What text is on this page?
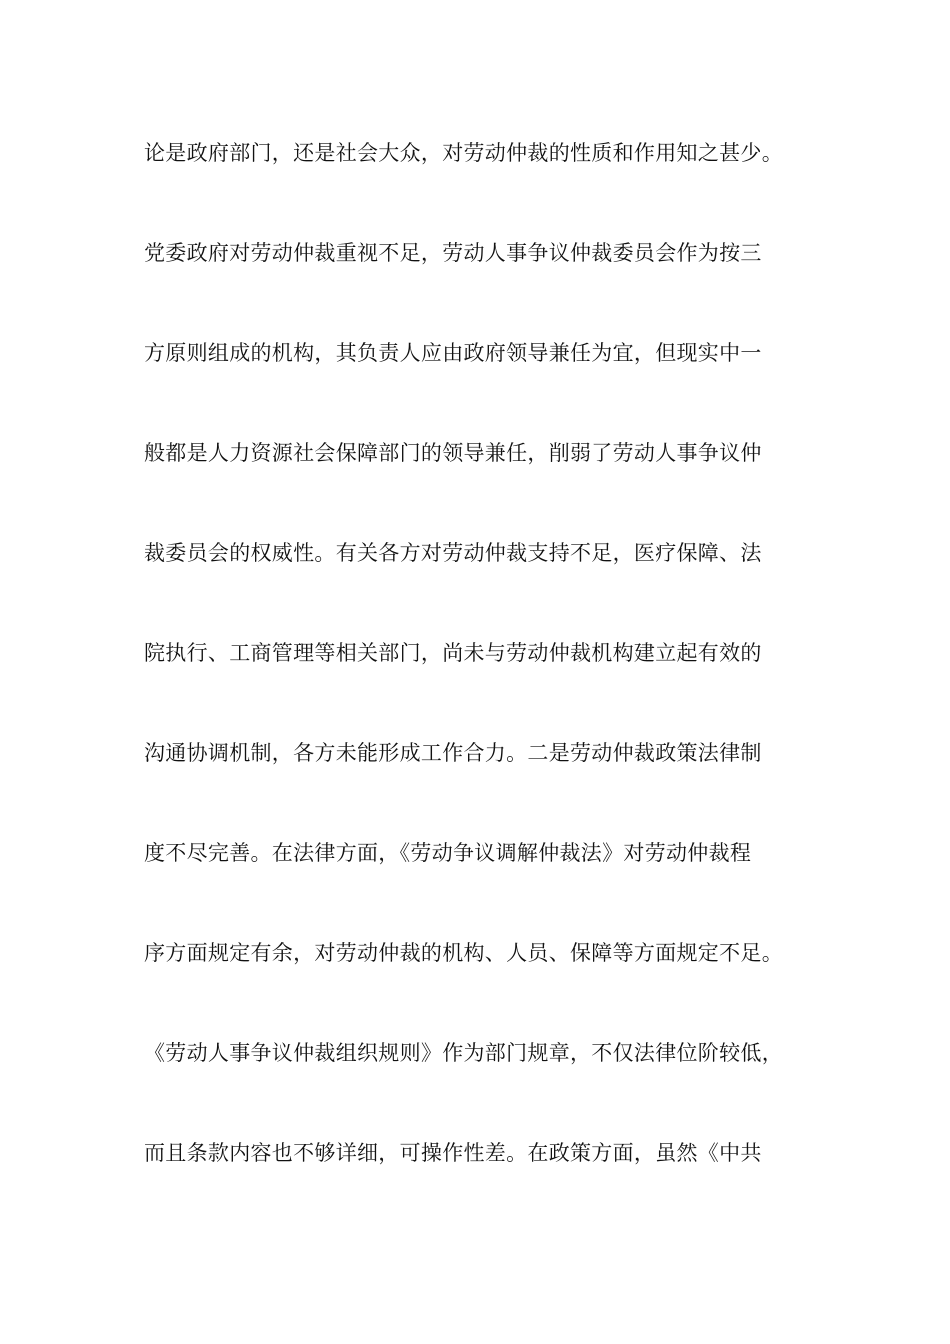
论是政府部门，还是社会大众，对劳动仲裁的性质和作用知之甚少。
党委政府对劳动仲裁重视不足，劳动人事争议仲裁委员会作为按三
方原则组成的机构，其负责人应由政府领导兼任为宜，但现实中一
般都是人力资源社会保障部门的领导兼任，削弱了劳动人事争议仲
裁委员会的权威性。有关各方对劳动仲裁支持不足，医疗保障、法
院执行、工商管理等相关部门，尚未与劳动仲裁机构建立起有效的
沟通协调机制，各方未能形成工作合力。二是劳动仲裁政策法律制
度不尽完善。在法律方面，《劳动争议调解仲裁法》对劳动仲裁程
序方面规定有余，对劳动仲裁的机构、人员、保障等方面规定不足。
《劳动人事争议仲裁组织规则》作为部门规章，不仅法律位阶较低，
而且条款内容也不够详细，可操作性差。在政策方面，虽然《中共
